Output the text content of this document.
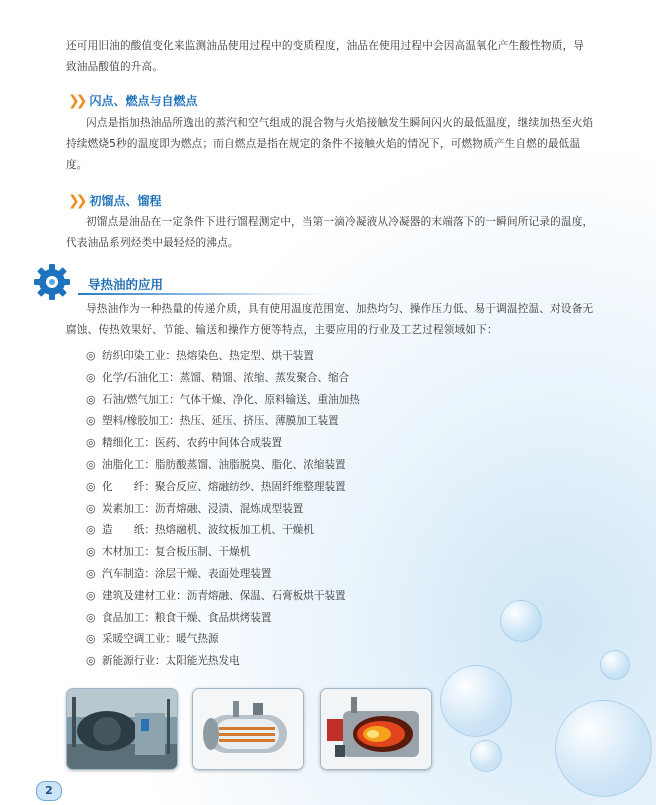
还可用旧油的酸值变化来监测油品使用过程中的变质程度，油品在使用过程中会因高温氧化产生酸性物质，导致油品酸值的升高。

❯❯ 闪点、燃点与自燃点

闪点是指加热油品所逸出的蒸汽和空气组成的混合物与火焰接触发生瞬间闪火的最低温度，继续加热至火焰持续燃烧5秒的温度即为燃点；而自燃点是指在规定的条件不接触火焰的情况下，可燃物质产生自燃的最低温度。

❯❯ 初馏点、馏程

初馏点是油品在一定条件下进行馏程测定中，当第一滴冷凝液从冷凝器的末端落下的一瞬间所记录的温度，代表油品系列烃类中最轻烃的沸点。

导热油的应用

导热油作为一种热量的传递介质，具有使用温度范围宽、加热均匀、操作压力低、易于调温控温、对设备无腐蚀、传热效果好、节能、输送和操作方便等特点，主要应用的行业及工艺过程领域如下：

◎ 纺织印染工业：热熔染色、热定型、烘干装置
◎ 化学/石油化工：蒸馏、精馏、浓缩、蒸发聚合、缩合
◎ 石油/燃气加工：气体干燥、净化、原料输送、重油加热
◎ 塑料/橡胶加工：热压、延压、挤压、薄膜加工装置
◎ 精细化工：医药、农药中间体合成装置
◎ 油脂化工：脂肪酸蒸馏、油脂脱臭、脂化、浓缩装置
◎ 化　　纤：聚合反应、熔融纺纱、热固纤维整理装置
◎ 炭素加工：沥青熔融、浸渍、混炼成型装置
◎ 造　　纸：热熔融机、波纹板加工机、干燥机
◎ 木材加工：复合板压制、干燥机
◎ 汽车制造：涂层干燥、表面处理装置
◎ 建筑及建材工业：沥青熔融、保温、石膏板烘干装置
◎ 食品加工：粮食干燥、食品烘烤装置
◎ 采暖空调工业：暖气热源
◎ 新能源行业：太阳能光热发电
2
